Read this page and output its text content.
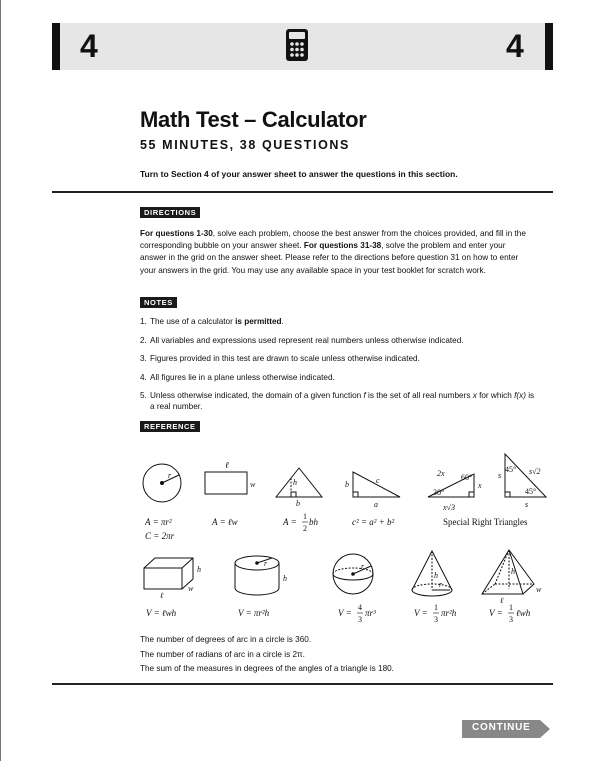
4	4
Math Test – Calculator
55 MINUTES, 38 QUESTIONS
Turn to Section 4 of your answer sheet to answer the questions in this section.
DIRECTIONS

For questions 1-30, solve each problem, choose the best answer from the choices provided, and fill in the corresponding bubble on your answer sheet. For questions 31-38, solve the problem and enter your answer in the grid on the answer sheet. Please refer to the directions before question 31 on how to enter your answers in the grid. You may use any available space in your test booklet for scratch work.

NOTES
1. The use of a calculator is permitted.
2. All variables and expressions used represent real numbers unless otherwise indicated.
3. Figures provided in this test are drawn to scale unless otherwise indicated.
4. All figures lie in a plane unless otherwise indicated.
5. Unless otherwise indicated, the domain of a given function f is the set of all real numbers x for which f(x) is a real number.
REFERENCE
r
ℓ
w	h
b
b	c
a
2x 60°
30°
x
x√3
s
45° s√2
45°
s
h
w
ℓ
r
h
r
h
r
h
w
ℓ
A = πr²
C = 2πr
A = ℓw	A =
1
2
bh	c² = a² + b²	Special Right Triangles
V = ℓwh	V = πr²h	V =
4
3
πr³	V =
1
3
πr²h	V =
1
3
ℓwh
The number of degrees of arc in a circle is 360.
The number of radians of arc in a circle is 2π.
The sum of the measures in degrees of the angles of a triangle is 180.
CONTINUE
